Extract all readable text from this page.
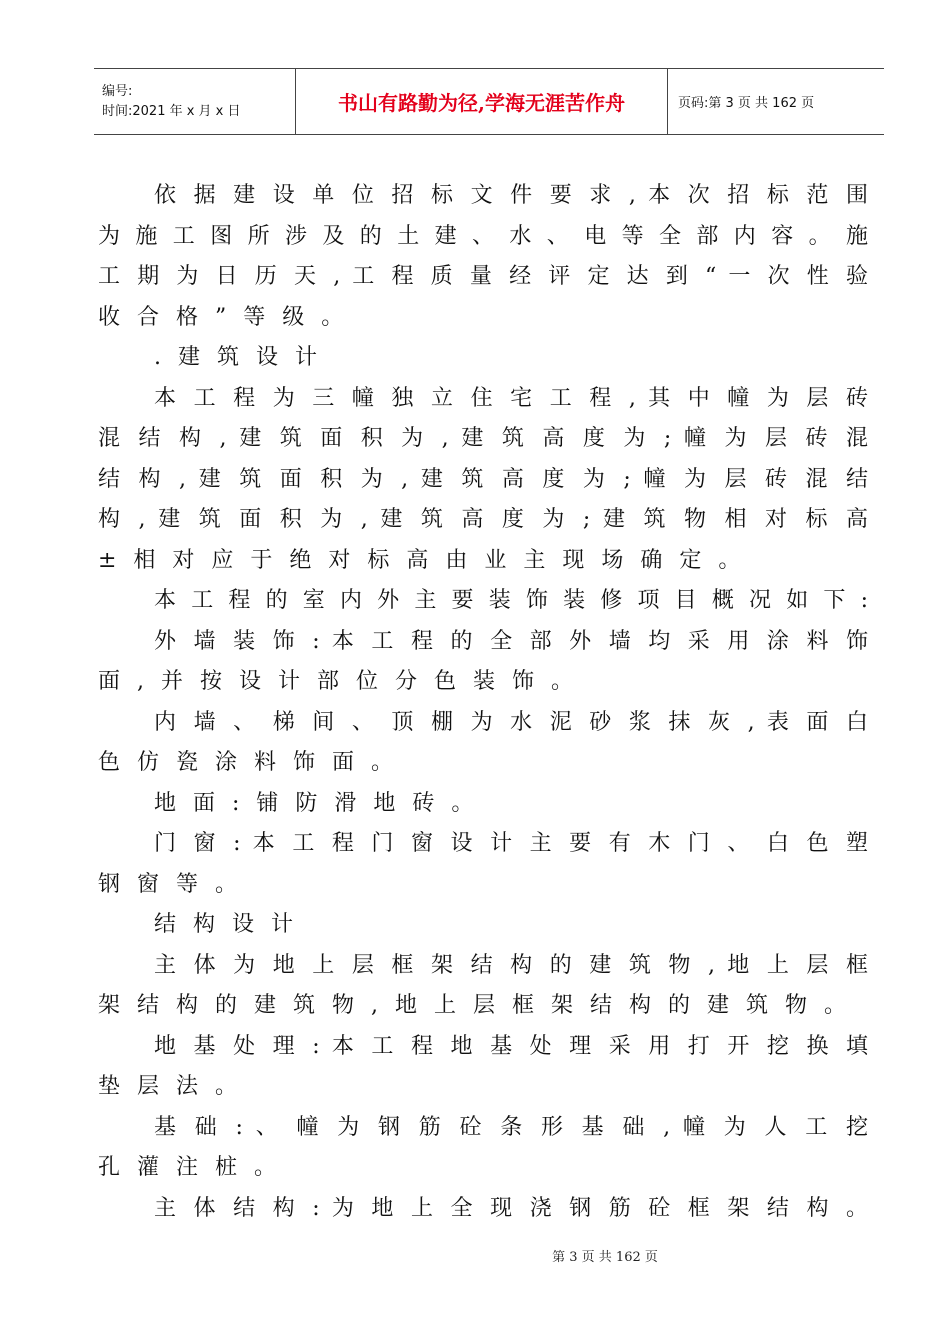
编号:
时间:2021 年 x 月 x 日	书山有路勤为径,学海无涯苦作舟	页码:第 3 页 共 162 页
依 据 建 设 单 位 招 标 文 件 要 求 , 本 次 招 标 范 围
为 施 工 图 所 涉 及 的 土 建 、 水 、 电 等 全 部 内 容 。 施
工 期 为 日 历 天 , 工 程 质 量 经 评 定 达 到 “ 一 次 性 验
收合格”等级。
.建筑设计
本 工 程 为 三 幢 独 立 住 宅 工 程 , 其 中 幢 为 层 砖
混 结 构 , 建 筑 面 积 为 , 建 筑 高 度 为 ; 幢 为 层 砖 混
结 构 , 建 筑 面 积 为 , 建 筑 高 度 为 ; 幢 为 层 砖 混 结
构 , 建 筑 面 积 为 , 建 筑 高 度 为 ; 建 筑 物 相 对 标 高
±相对应于绝对标高由业主现场确定。
本 工 程 的 室 内 外 主 要 装 饰 装 修 项 目 概 况 如 下 :
外 墙 装 饰 : 本 工 程 的 全 部 外 墙 均 采 用 涂 料 饰
面,并按设计部位分色装饰。
内 墙 、 梯 间 、 顶 棚 为 水 泥 砂 浆 抹 灰 , 表 面 白
色仿瓷涂料饰面。
地面:铺防滑地砖。
门 窗 : 本 工 程 门 窗 设 计 主 要 有 木 门 、 白 色 塑
钢窗等。
结构设计
主 体 为 地 上 层 框 架 结 构 的 建 筑 物 , 地 上 层 框
架结构的建筑物,地上层框架结构的建筑物。
地 基 处 理 : 本 工 程 地 基 处 理 采 用 打 开 挖 换 填
垫层法。
基 础 : 、 幢 为 钢 筋 砼 条 形 基 础 , 幢 为 人 工 挖
孔灌注桩。
主 体 结 构 : 为 地 上 全 现 浇 钢 筋 砼 框 架 结 构 。
第 3 页 共 162 页
